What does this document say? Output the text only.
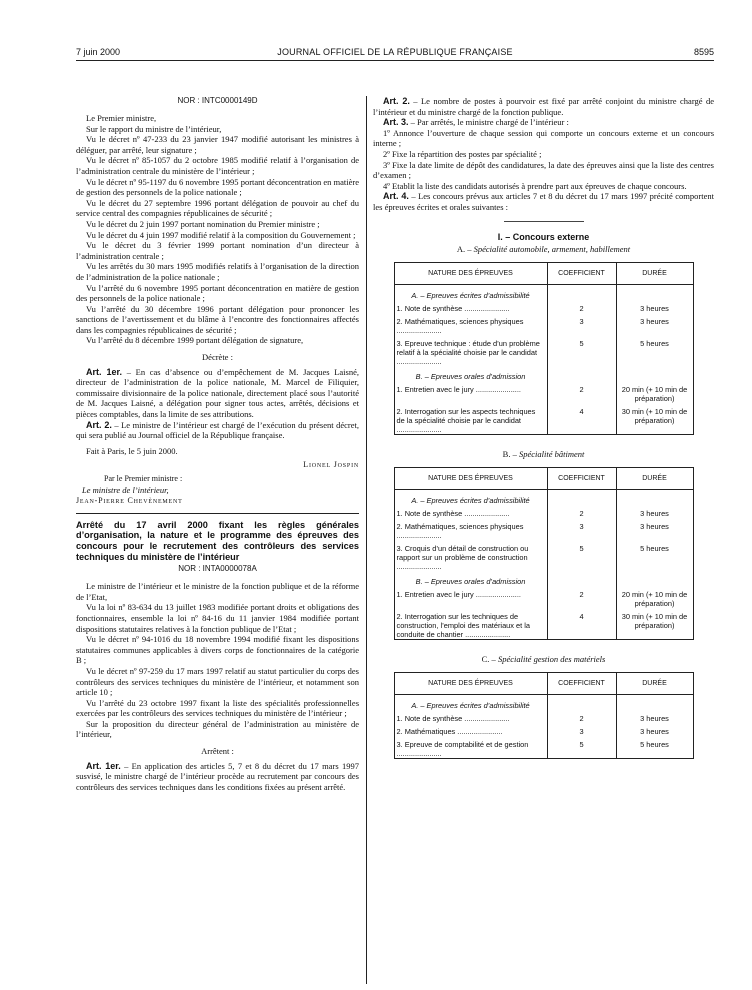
7 juin 2000	JOURNAL OFFICIEL DE LA RÉPUBLIQUE FRANÇAISE	8595

NOR : INTC0000149D

Le Premier ministre,

Sur le rapport du ministre de l’intérieur,

Vu le décret nº 47-233 du 23 janvier 1947 modifié autorisant les ministres à déléguer, par arrêté, leur signature ;

Vu le décret nº 85-1057 du 2 octobre 1985 modifié relatif à l’organisation de l’administration centrale du ministère de l’intérieur ;

Vu le décret nº 95-1197 du 6 novembre 1995 portant déconcentration en matière de gestion des personnels de la police nationale ;

Vu le décret du 27 septembre 1996 portant délégation de pouvoir au chef du service central des compagnies républicaines de sécurité ;

Vu le décret du 2 juin 1997 portant nomination du Premier ministre ;

Vu le décret du 4 juin 1997 modifié relatif à la composition du Gouvernement ;

Vu le décret du 3 février 1999 portant nomination d’un directeur à l’administration centrale ;

Vu les arrêtés du 30 mars 1995 modifiés relatifs à l’organisation de la direction de l’administration de la police nationale ;

Vu l’arrêté du 6 novembre 1995 portant déconcentration en matière de gestion des personnels de la police nationale ;

Vu l’arrêté du 30 décembre 1996 portant délégation pour prononcer les sanctions de l’avertissement et du blâme à l’encontre des fonctionnaires affectés dans les compagnies républicaines de sécurité ;

Vu l’arrêté du 8 décembre 1999 portant délégation de signature,

Décrète :

Art. 1er. – En cas d’absence ou d’empêchement de M. Jacques Laisné, directeur de l’administration de la police nationale, M. Marcel de Filiquier, commissaire divisionnaire de la police nationale, directement placé sous l’autorité de M. Jacques Laisné, a délégation pour signer tous actes, arrêtés, décisions et pièces comptables, dans la limite de ses attributions.

Art. 2. – Le ministre de l’intérieur est chargé de l’exécution du présent décret, qui sera publié au Journal officiel de la République française.

Fait à Paris, le 5 juin 2000.

Lionel Jospin

Par le Premier ministre :

Le ministre de l’intérieur,

Jean-Pierre Chevènement

Arrêté du 17 avril 2000 fixant les règles générales d’organisation, la nature et le programme des épreuves des concours pour le recrutement des contrôleurs des services techniques du ministère de l’intérieur

NOR : INTA0000078A

Le ministre de l’intérieur et le ministre de la fonction publique et de la réforme de l’Etat,

Vu la loi nº 83-634 du 13 juillet 1983 modifiée portant droits et obligations des fonctionnaires, ensemble la loi nº 84-16 du 11 janvier 1984 modifiée portant dispositions statutaires relatives à la fonction publique de l’Etat ;

Vu le décret nº 94-1016 du 18 novembre 1994 modifié fixant les dispositions statutaires communes applicables à divers corps de fonctionnaires de la catégorie B ;

Vu le décret nº 97-259 du 17 mars 1997 relatif au statut particulier du corps des contrôleurs des services techniques du ministère de l’intérieur, et notamment son article 10 ;

Vu l’arrêté du 23 octobre 1997 fixant la liste des spécialités professionnelles exercées par les contrôleurs des services techniques du ministère de l’intérieur ;

Sur la proposition du directeur général de l’administration au ministère de l’intérieur,

Arrêtent :

Art. 1er. – En application des articles 5, 7 et 8 du décret du 17 mars 1997 susvisé, le ministre chargé de l’intérieur procède au recrutement par concours des contrôleurs des services techniques dans les conditions fixées au présent arrêté.

Art. 2. – Le nombre de postes à pourvoir est fixé par arrêté conjoint du ministre chargé de l’intérieur et du ministre chargé de la fonction publique.

Art. 3. – Par arrêtés, le ministre chargé de l’intérieur :

1º Annonce l’ouverture de chaque session qui comporte un concours externe et un concours interne ;

2º Fixe la répartition des postes par spécialité ;

3º Fixe la date limite de dépôt des candidatures, la date des épreuves ainsi que la liste des centres d’examen ;

4º Etablit la liste des candidats autorisés à prendre part aux épreuves de chaque concours.

Art. 4. – Les concours prévus aux articles 7 et 8 du décret du 17 mars 1997 précité comportent les épreuves écrites et orales suivantes :

I. – Concours externe

A. – Spécialité automobile, armement, habillement

NATURE DES ÉPREUVES	COEFFICIENT	DURÉE
A. – Epreuves écrites d’admissibilité		
1. Note de synthèse ......................	2	3 heures
2. Mathématiques, sciences physiques ......................	3	3 heures
3. Epreuve technique : étude d’un problème relatif à la spécialité choisie par le candidat ......................	5	5 heures
B. – Epreuves orales d’admission		
1. Entretien avec le jury ......................	2	20 min (+ 10 min de préparation)
2. Interrogation sur les aspects techniques de la spécialité choisie par le candidat ......................	4	30 min (+ 10 min de préparation)

B. – Spécialité bâtiment

NATURE DES ÉPREUVES	COEFFICIENT	DURÉE
A. – Epreuves écrites d’admissibilité		
1. Note de synthèse ......................	2	3 heures
2. Mathématiques, sciences physiques ......................	3	3 heures
3. Croquis d’un détail de construction ou rapport sur un problème de construction ......................	5	5 heures
B. – Epreuves orales d’admission		
1. Entretien avec le jury ......................	2	20 min (+ 10 min de préparation)
2. Interrogation sur les techniques de construction, l’emploi des matériaux et la conduite de chantier ......................	4	30 min (+ 10 min de préparation)

C. – Spécialité gestion des matériels

NATURE DES ÉPREUVES	COEFFICIENT	DURÉE
A. – Epreuves écrites d’admissibilité		
1. Note de synthèse ......................	2	3 heures
2. Mathématiques ......................	3	3 heures
3. Epreuve de comptabilité et de gestion ......................	5	5 heures
